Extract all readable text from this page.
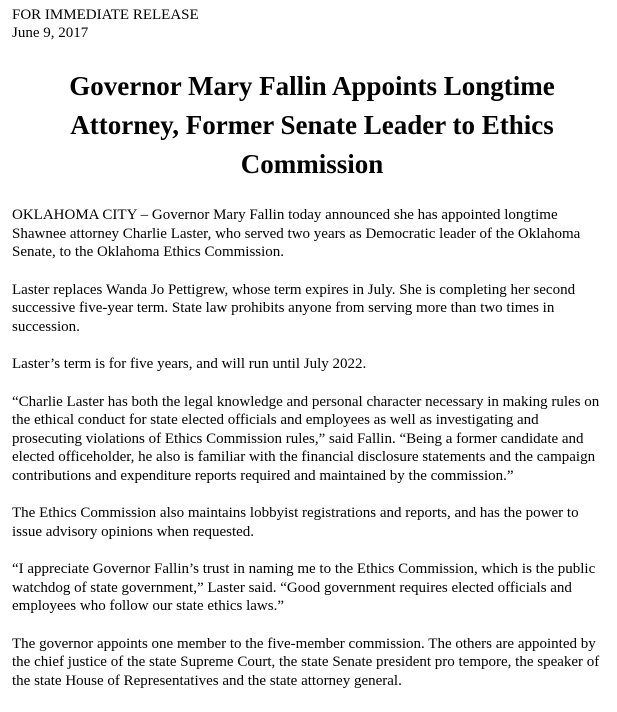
FOR IMMEDIATE RELEASE

June 9, 2017

Governor Mary Fallin Appoints Longtime Attorney, Former Senate Leader to Ethics Commission

OKLAHOMA CITY – Governor Mary Fallin today announced she has appointed longtime Shawnee attorney Charlie Laster, who served two years as Democratic leader of the Oklahoma Senate, to the Oklahoma Ethics Commission.

Laster replaces Wanda Jo Pettigrew, whose term expires in July. She is completing her second successive five-year term. State law prohibits anyone from serving more than two times in succession.

Laster’s term is for five years, and will run until July 2022.

“Charlie Laster has both the legal knowledge and personal character necessary in making rules on the ethical conduct for state elected officials and employees as well as investigating and prosecuting violations of Ethics Commission rules,” said Fallin. “Being a former candidate and elected officeholder, he also is familiar with the financial disclosure statements and the campaign contributions and expenditure reports required and maintained by the commission.”

The Ethics Commission also maintains lobbyist registrations and reports, and has the power to issue advisory opinions when requested.

“I appreciate Governor Fallin’s trust in naming me to the Ethics Commission, which is the public watchdog of state government,” Laster said. “Good government requires elected officials and employees who follow our state ethics laws.”

The governor appoints one member to the five-member commission. The others are appointed by the chief justice of the state Supreme Court, the state Senate president pro tempore, the speaker of the state House of Representatives and the state attorney general.
